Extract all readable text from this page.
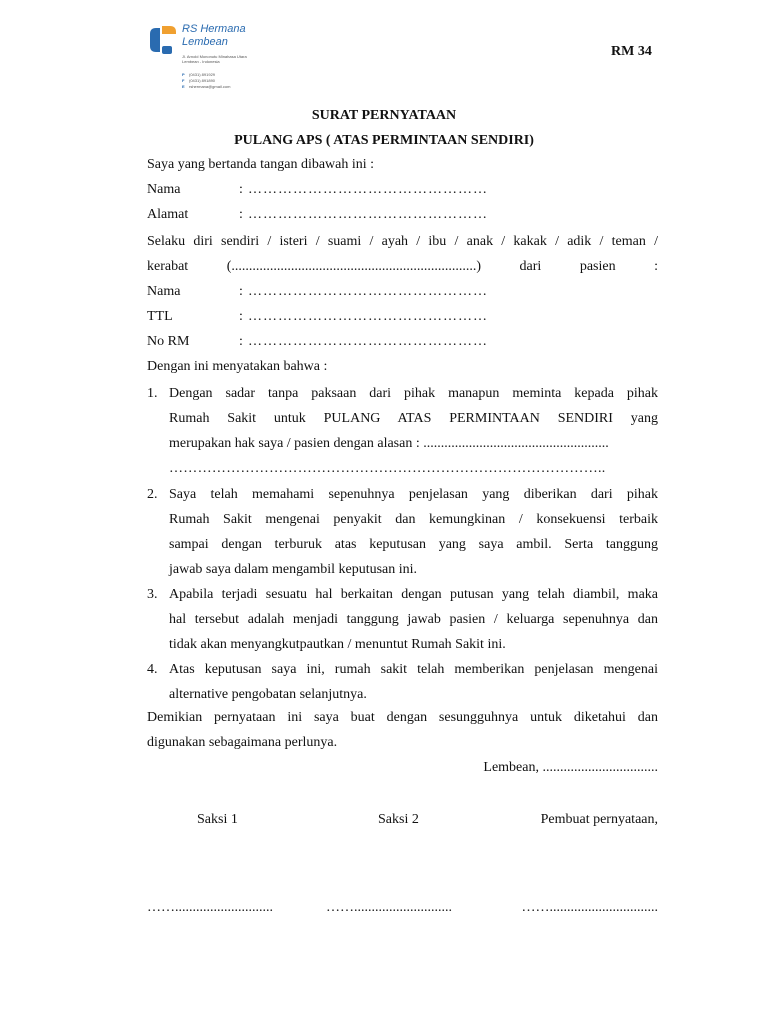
RS Hermana
Lembean
Jl. Arnold Mononutu Minahasa Utara
Lembean - Indonesia
P (0431) 891929
F (0431) 891890
E rshermana@gmail.com
RM 34
SURAT PERNYATAAN
PULANG APS ( ATAS PERMINTAAN SENDIRI)
Saya yang bertanda tangan dibawah ini :
Nama	: …………………………………………
Alamat	: …………………………………………
Selaku diri sendiri / isteri / suami / ayah / ibu / anak / kakak / adik / teman /
kerabat (......................................................................) dari pasien :
Nama	: …………………………………………
TTL	: …………………………………………
No RM	: …………………………………………
Dengan ini menyatakan bahwa :
1. Dengan sadar tanpa paksaan dari pihak manapun meminta kepada pihak
Rumah Sakit untuk PULANG ATAS PERMINTAAN SENDIRI yang
merupakan hak saya / pasien dengan alasan : .....................................................
………………………………………………………………………………..
2. Saya telah memahami sepenuhnya penjelasan yang diberikan dari pihak
Rumah Sakit mengenai penyakit dan kemungkinan / konsekuensi terbaik
sampai dengan terburuk atas keputusan yang saya ambil. Serta tanggung
jawab saya dalam mengambil keputusan ini.
3. Apabila terjadi sesuatu hal berkaitan dengan putusan yang telah diambil, maka
hal tersebut adalah menjadi tanggung jawab pasien / keluarga sepenuhnya dan
tidak akan menyangkutpautkan / menuntut Rumah Sakit ini.
4. Atas keputusan saya ini, rumah sakit telah memberikan penjelasan mengenai
alternative pengobatan selanjutnya.
Demikian pernyataan ini saya buat dengan sesungguhnya untuk diketahui dan
digunakan sebagaimana perlunya.
Lembean, .................................
Saksi 1	Saksi 2	Pembuat pernyataan,
……............................	……............................	……...............................
